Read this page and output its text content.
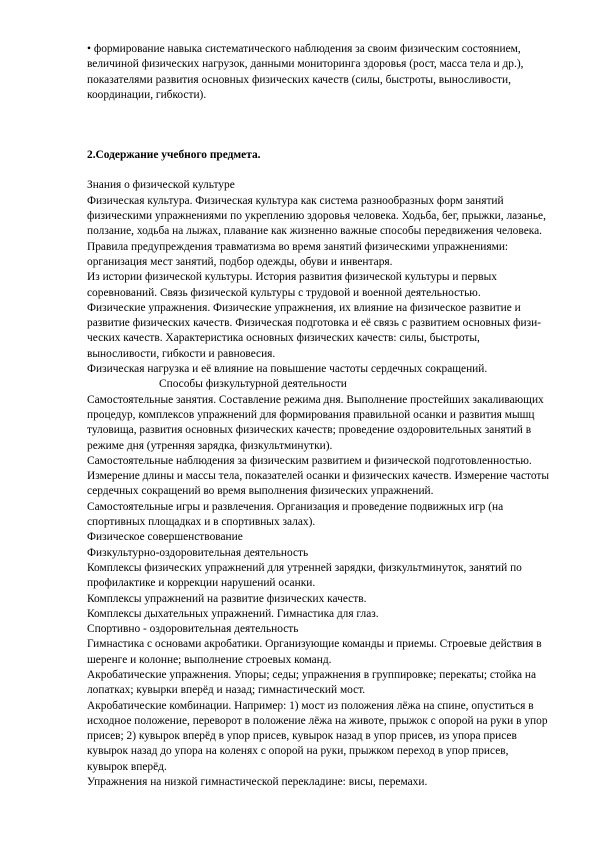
• формирование навыка систематического наблюдения за своим физическим состоянием, величиной физических нагрузок, данными мониторинга здоровья (рост, масса тела и др.), показателями развития основных физических качеств (силы, быстроты, выносливости, координации, гибкости).

2.Содержание учебного предмета.

Знания о физической культуре

Физическая культура. Физическая культура как система разнообразных форм занятий физическими упражнениями по укреплению здоровья человека. Ходьба, бег, прыжки, лазанье, ползание, ходьба на лыжах, плавание как жизненно важные способы передвижения человека.

Правила предупреждения травматизма во время занятий физическими упражнениями: организация мест занятий, подбор одежды, обуви и инвентаря.

Из истории физической культуры. История развития физической культуры и первых соревнований. Связь физической культуры с трудовой и военной деятельностью.

Физические упражнения. Физические упражнения, их влияние на физическое развитие и развитие физических качеств. Физическая подготовка и её связь с развитием основных физи-ческих качеств. Характеристика основных физических качеств: силы, быстроты, выносливости, гибкости и равновесия.

Физическая нагрузка и её влияние на повышение частоты сердечных сокращений.

Способы физкультурной деятельности

Самостоятельные занятия. Составление режима дня. Выполнение простейших закаливающих процедур, комплексов упражнений для формирования правильной осанки и развития мышц туловища, развития основных физических качеств; проведение оздоровительных занятий в режиме дня (утренняя зарядка, физкультминутки).

Самостоятельные наблюдения за физическим развитием и физической подготовленностью. Измерение длины и массы тела, показателей осанки и физических качеств. Измерение частоты сердечных сокращений во время выполнения физических упражнений.

Самостоятельные игры и развлечения. Организация и проведение подвижных игр (на спортивных площадках и в спортивных залах).

Физическое совершенствование

Физкультурно-оздоровительная деятельность

Комплексы физических упражнений для утренней зарядки, физкультминуток, занятий по профилактике и коррекции нарушений осанки.

Комплексы упражнений на развитие физических качеств.

Комплексы дыхательных упражнений. Гимнастика для глаз.

Спортивно - оздоровительная деятельность

Гимнастика с основами акробатики. Организующие команды и приемы. Строевые действия в шеренге и колонне; выполнение строевых команд.

Акробатические упражнения. Упоры; седы; упражнения в группировке; перекаты; стойка на лопатках; кувырки вперёд и назад; гимнастический мост.

Акробатические комбинации. Например: 1) мост из положения лёжа на спине, опуститься в исходное положение, переворот в положение лёжа на животе, прыжок с опорой на руки в упор присев; 2) кувырок вперёд в упор присев, кувырок назад в упор присев, из упора присев кувырок назад до упора на коленях с опорой на руки, прыжком переход в упор присев, кувырок вперёд.

Упражнения на низкой гимнастической перекладине: висы, перемахи.
